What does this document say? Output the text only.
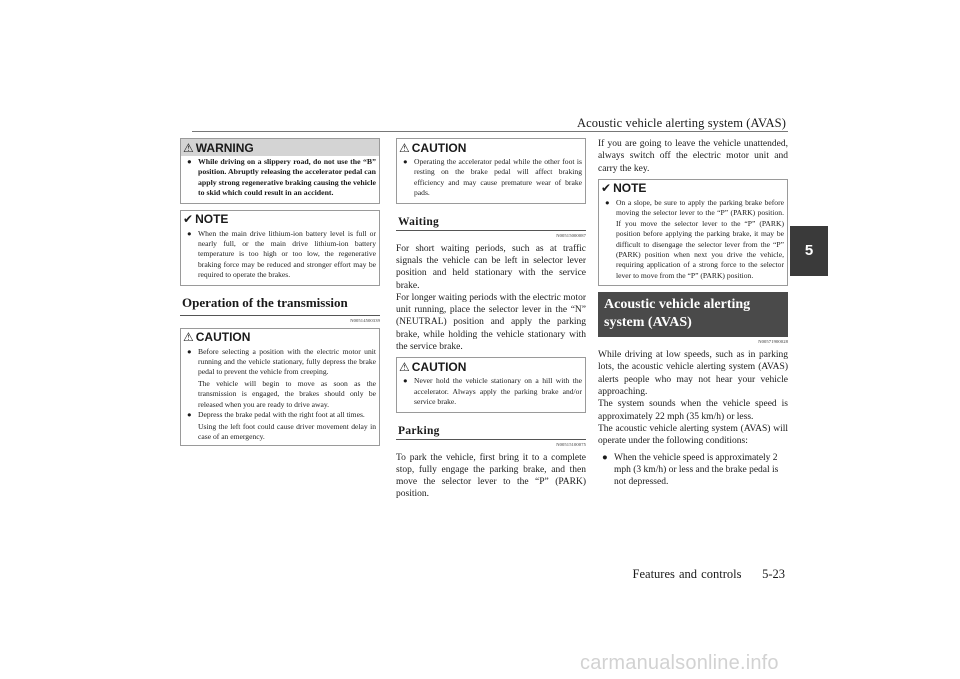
Acoustic vehicle alerting system (AVAS)
5
⚠ WARNING
● While driving on a slippery road, do not use the “B” position. Abruptly releasing the accelerator pedal can apply strong regenerative braking causing the vehicle to skid which could result in an accident.
✔ NOTE
● When the main drive lithium-ion battery level is full or nearly full, or the main drive lithium-ion battery temperature is too high or too low, the regenerative braking force may be reduced and stronger effort may be required to operate the brakes.
Operation of the transmission
N00514500339
⚠ CAUTION
● Before selecting a position with the electric motor unit running and the vehicle stationary, fully depress the brake pedal to prevent the vehicle from creeping.
The vehicle will begin to move as soon as the transmission is engaged, the brakes should only be released when you are ready to drive away.
● Depress the brake pedal with the right foot at all times.
Using the left foot could cause driver movement delay in case of an emergency.
⚠ CAUTION
● Operating the accelerator pedal while the other foot is resting on the brake pedal will affect braking efficiency and may cause premature wear of brake pads.
Waiting
N00515000087

For short waiting periods, such as at traffic signals the vehicle can be left in selector lever position and held stationary with the service brake.

For longer waiting periods with the electric motor unit running, place the selector lever in the “N” (NEUTRAL) position and apply the parking brake, while holding the vehicle stationary with the service brake.

⚠ CAUTION
● Never hold the vehicle stationary on a hill with the accelerator. Always apply the parking brake and/or service brake.
Parking
N00515100075

To park the vehicle, first bring it to a complete stop, fully engage the parking brake, and then move the selector lever to the “P” (PARK) position.

If you are going to leave the vehicle unattended, always switch off the electric motor unit and carry the key.

✔ NOTE
● On a slope, be sure to apply the parking brake before moving the selector lever to the “P” (PARK) position. If you move the selector lever to the “P” (PARK) position before applying the parking brake, it may be difficult to disengage the selector lever from the “P” (PARK) position when next you drive the vehicle, requiring application of a strong force to the selector lever to move from the “P” (PARK) position.
Acoustic vehicle alerting system (AVAS)
N00571900028

While driving at low speeds, such as in parking lots, the acoustic vehicle alerting system (AVAS) alerts people who may not hear your vehicle approaching.

The system sounds when the vehicle speed is approximately 22 mph (35 km/h) or less.

The acoustic vehicle alerting system (AVAS) will operate under the following conditions:

● When the vehicle speed is approximately 2 mph (3 km/h) or less and the brake pedal is not depressed.
Features and controls 5-23
carmanualsonline.info
